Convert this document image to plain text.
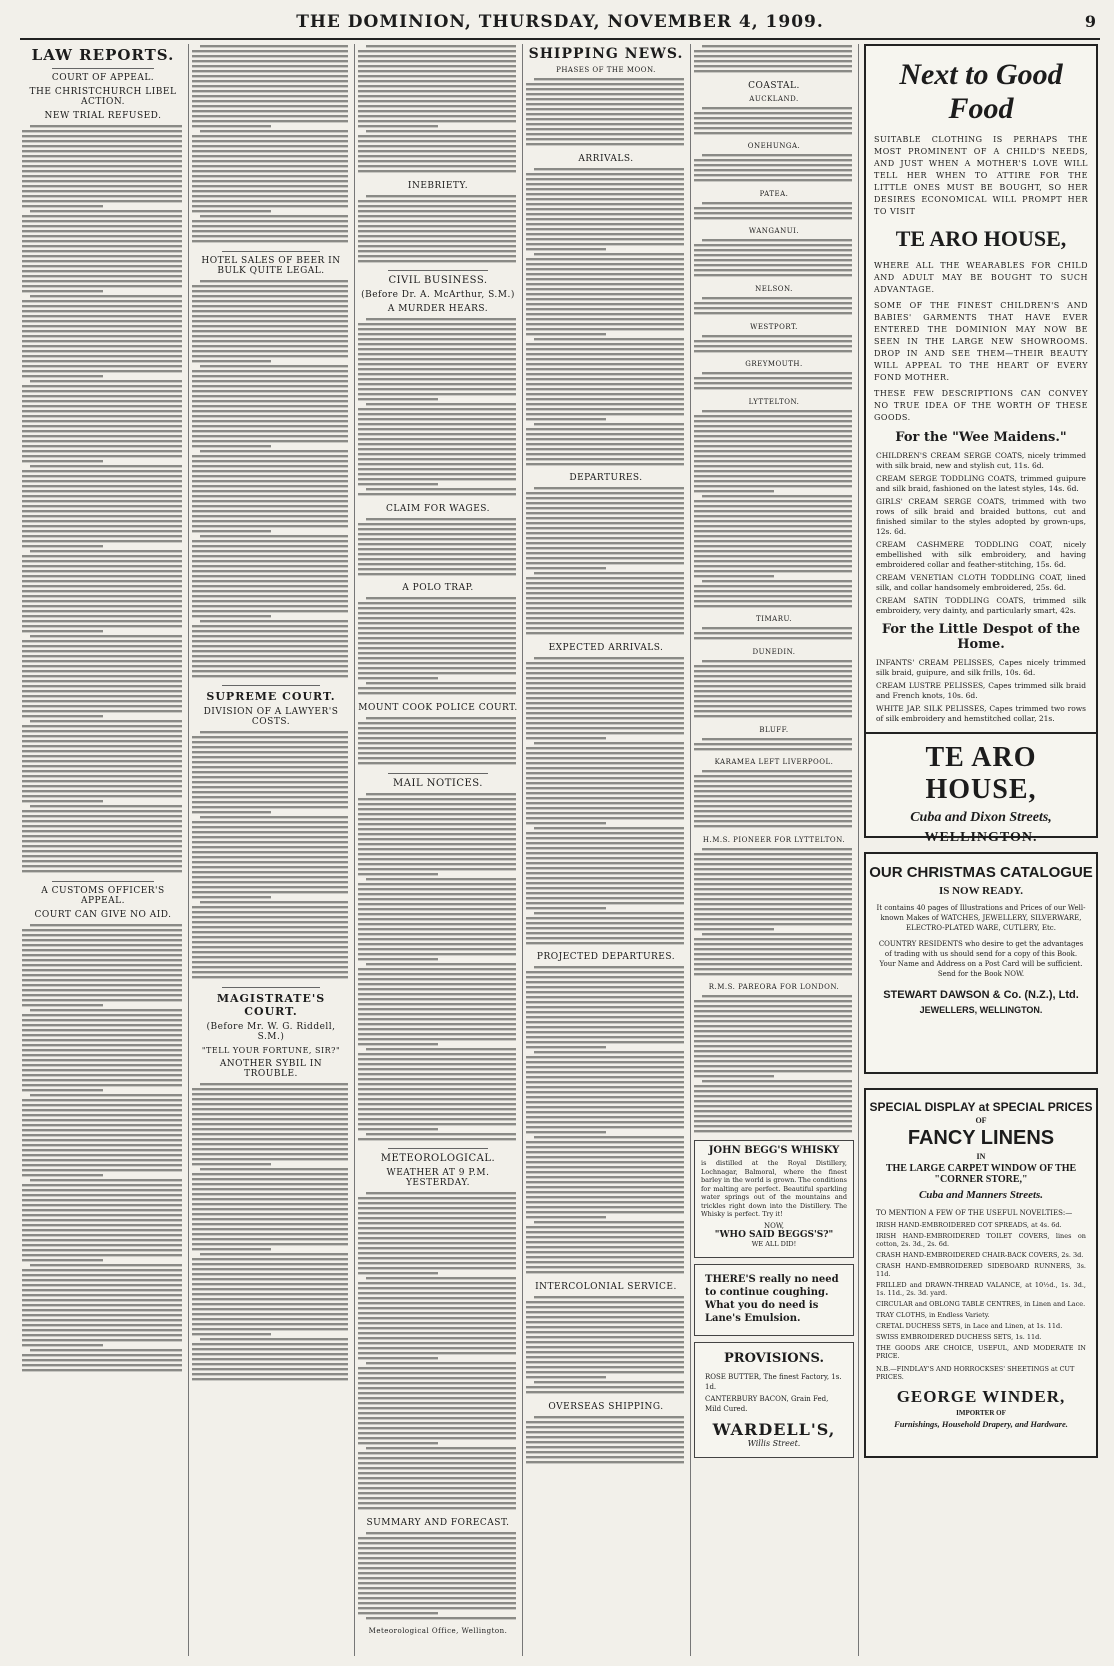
THE DOMINION, THURSDAY, NOVEMBER 4, 1909.	9
LAW REPORTS.
COURT OF APPEAL.
THE CHRISTCHURCH LIBEL ACTION.
NEW TRIAL REFUSED.
A CUSTOMS OFFICER'S APPEAL.
COURT CAN GIVE NO AID.
HOTEL SALES OF BEER IN BULK QUITE LEGAL.
SUPREME COURT.
DIVISION OF A LAWYER'S COSTS.
MAGISTRATE'S COURT.
(Before Mr. W. G. Riddell, S.M.)
"TELL YOUR FORTUNE, SIR?"
ANOTHER SYBIL IN TROUBLE.
INEBRIETY.
CIVIL BUSINESS.
(Before Dr. A. McArthur, S.M.)
A MURDER HEARS.
CLAIM FOR WAGES.
A POLO TRAP.
MOUNT COOK POLICE COURT.
MAIL NOTICES.
METEOROLOGICAL.
WEATHER AT 9 P.M. YESTERDAY.
SUMMARY AND FORECAST.
Meteorological Office, Wellington.
SHIPPING NEWS.
PHASES OF THE MOON.
ARRIVALS.
DEPARTURES.
EXPECTED ARRIVALS.
PROJECTED DEPARTURES.
INTERCOLONIAL SERVICE.
OVERSEAS SHIPPING.
COASTAL.
AUCKLAND.
ONEHUNGA.
PATEA.
WANGANUI.
NELSON.
WESTPORT.
GREYMOUTH.
LYTTELTON.
TIMARU.
DUNEDIN.
BLUFF.
KARAMEA LEFT LIVERPOOL.
H.M.S. PIONEER FOR LYTTELTON.
R.M.S. PAREORA FOR LONDON.
JOHN BEGG'S WHISKY
is distilled at the Royal Distillery, Lochnagar, Balmoral, where the finest barley in the world is grown. The conditions for malting are perfect. Beautiful sparkling water springs out of the mountains and trickles right down into the Distillery. The Whisky is perfect. Try it!
NOW,
"WHO SAID BEGGS'S?"
WE ALL DID!
THERE'S really no need to continue coughing. What you do need is Lane's Emulsion.
PROVISIONS.
ROSE BUTTER, The finest Factory, 1s. 1d.
CANTERBURY BACON, Grain Fed, Mild Cured.
WARDELL'S,
Willis Street.
Next to Good Food
SUITABLE CLOTHING IS PERHAPS THE MOST PROMINENT OF A CHILD'S NEEDS, AND JUST WHEN A MOTHER'S LOVE WILL TELL HER WHEN TO ATTIRE FOR THE LITTLE ONES MUST BE BOUGHT, SO HER DESIRES ECONOMICAL WILL PROMPT HER TO VISIT
TE ARO HOUSE,
WHERE ALL THE WEARABLES FOR CHILD AND ADULT MAY BE BOUGHT TO SUCH ADVANTAGE.
SOME OF THE FINEST CHILDREN'S AND BABIES' GARMENTS THAT HAVE EVER ENTERED THE DOMINION MAY NOW BE SEEN IN THE LARGE NEW SHOWROOMS. DROP IN AND SEE THEM—THEIR BEAUTY WILL APPEAL TO THE HEART OF EVERY FOND MOTHER.
THESE FEW DESCRIPTIONS CAN CONVEY NO TRUE IDEA OF THE WORTH OF THESE GOODS.
For the "Wee Maidens."
CHILDREN'S CREAM SERGE COATS, nicely trimmed with silk braid, new and stylish cut, 11s. 6d.
CREAM SERGE TODDLING COATS, trimmed guipure and silk braid, fashioned on the latest styles, 14s. 6d.
GIRLS' CREAM SERGE COATS, trimmed with two rows of silk braid and braided buttons, cut and finished similar to the styles adopted by grown-ups, 12s. 6d.
CREAM CASHMERE TODDLING COAT, nicely embellished with silk embroidery, and having embroidered collar and feather-stitching, 15s. 6d.
CREAM VENETIAN CLOTH TODDLING COAT, lined silk, and collar handsomely embroidered, 25s. 6d.
CREAM SATIN TODDLING COATS, trimmed silk embroidery, very dainty, and particularly smart, 42s.
For the Little Despot of the Home.
INFANTS' CREAM PELISSES, Capes nicely trimmed silk braid, guipure, and silk frills, 10s. 6d.
CREAM LUSTRE PELISSES, Capes trimmed silk braid and French knots, 10s. 6d.
WHITE JAP. SILK PELISSES, Capes trimmed two rows of silk embroidery and hemstitched collar, 21s.
TE ARO HOUSE,
Cuba and Dixon Streets,
WELLINGTON.
OUR CHRISTMAS CATALOGUE
IS NOW READY.
It contains 40 pages of Illustrations and Prices of our Well-known Makes of WATCHES, JEWELLERY, SILVERWARE, ELECTRO-PLATED WARE, CUTLERY, Etc.
COUNTRY RESIDENTS who desire to get the advantages of trading with us should send for a copy of this Book. Your Name and Address on a Post Card will be sufficient. Send for the Book NOW.
STEWART DAWSON & Co. (N.Z.), Ltd.
JEWELLERS, WELLINGTON.
SPECIAL DISPLAY at SPECIAL PRICES
OF
FANCY LINENS
IN
THE LARGE CARPET WINDOW OF THE "CORNER STORE,"
Cuba and Manners Streets.
TO MENTION A FEW OF THE USEFUL NOVELTIES:—
IRISH HAND-EMBROIDERED COT SPREADS, at 4s. 6d.
IRISH HAND-EMBROIDERED TOILET COVERS, lines on cotton, 2s. 3d., 2s. 6d.
CRASH HAND-EMBROIDERED CHAIR-BACK COVERS, 2s. 3d.
CRASH HAND-EMBROIDERED SIDEBOARD RUNNERS, 3s. 11d.
FRILLED and DRAWN-THREAD VALANCE, at 10½d., 1s. 3d., 1s. 11d., 2s. 3d. yard.
CIRCULAR and OBLONG TABLE CENTRES, in Linen and Lace.
TRAY CLOTHS, in Endless Variety.
CRETAL DUCHESS SETS, in Lace and Linen, at 1s. 11d.
SWISS EMBROIDERED DUCHESS SETS, 1s. 11d.
THE GOODS ARE CHOICE, USEFUL, AND MODERATE IN PRICE.
N.B.—FINDLAY'S AND HORROCKSES' SHEETINGS at CUT PRICES.
GEORGE WINDER,
IMPORTER OF
Furnishings, Household Drapery, and Hardware.
